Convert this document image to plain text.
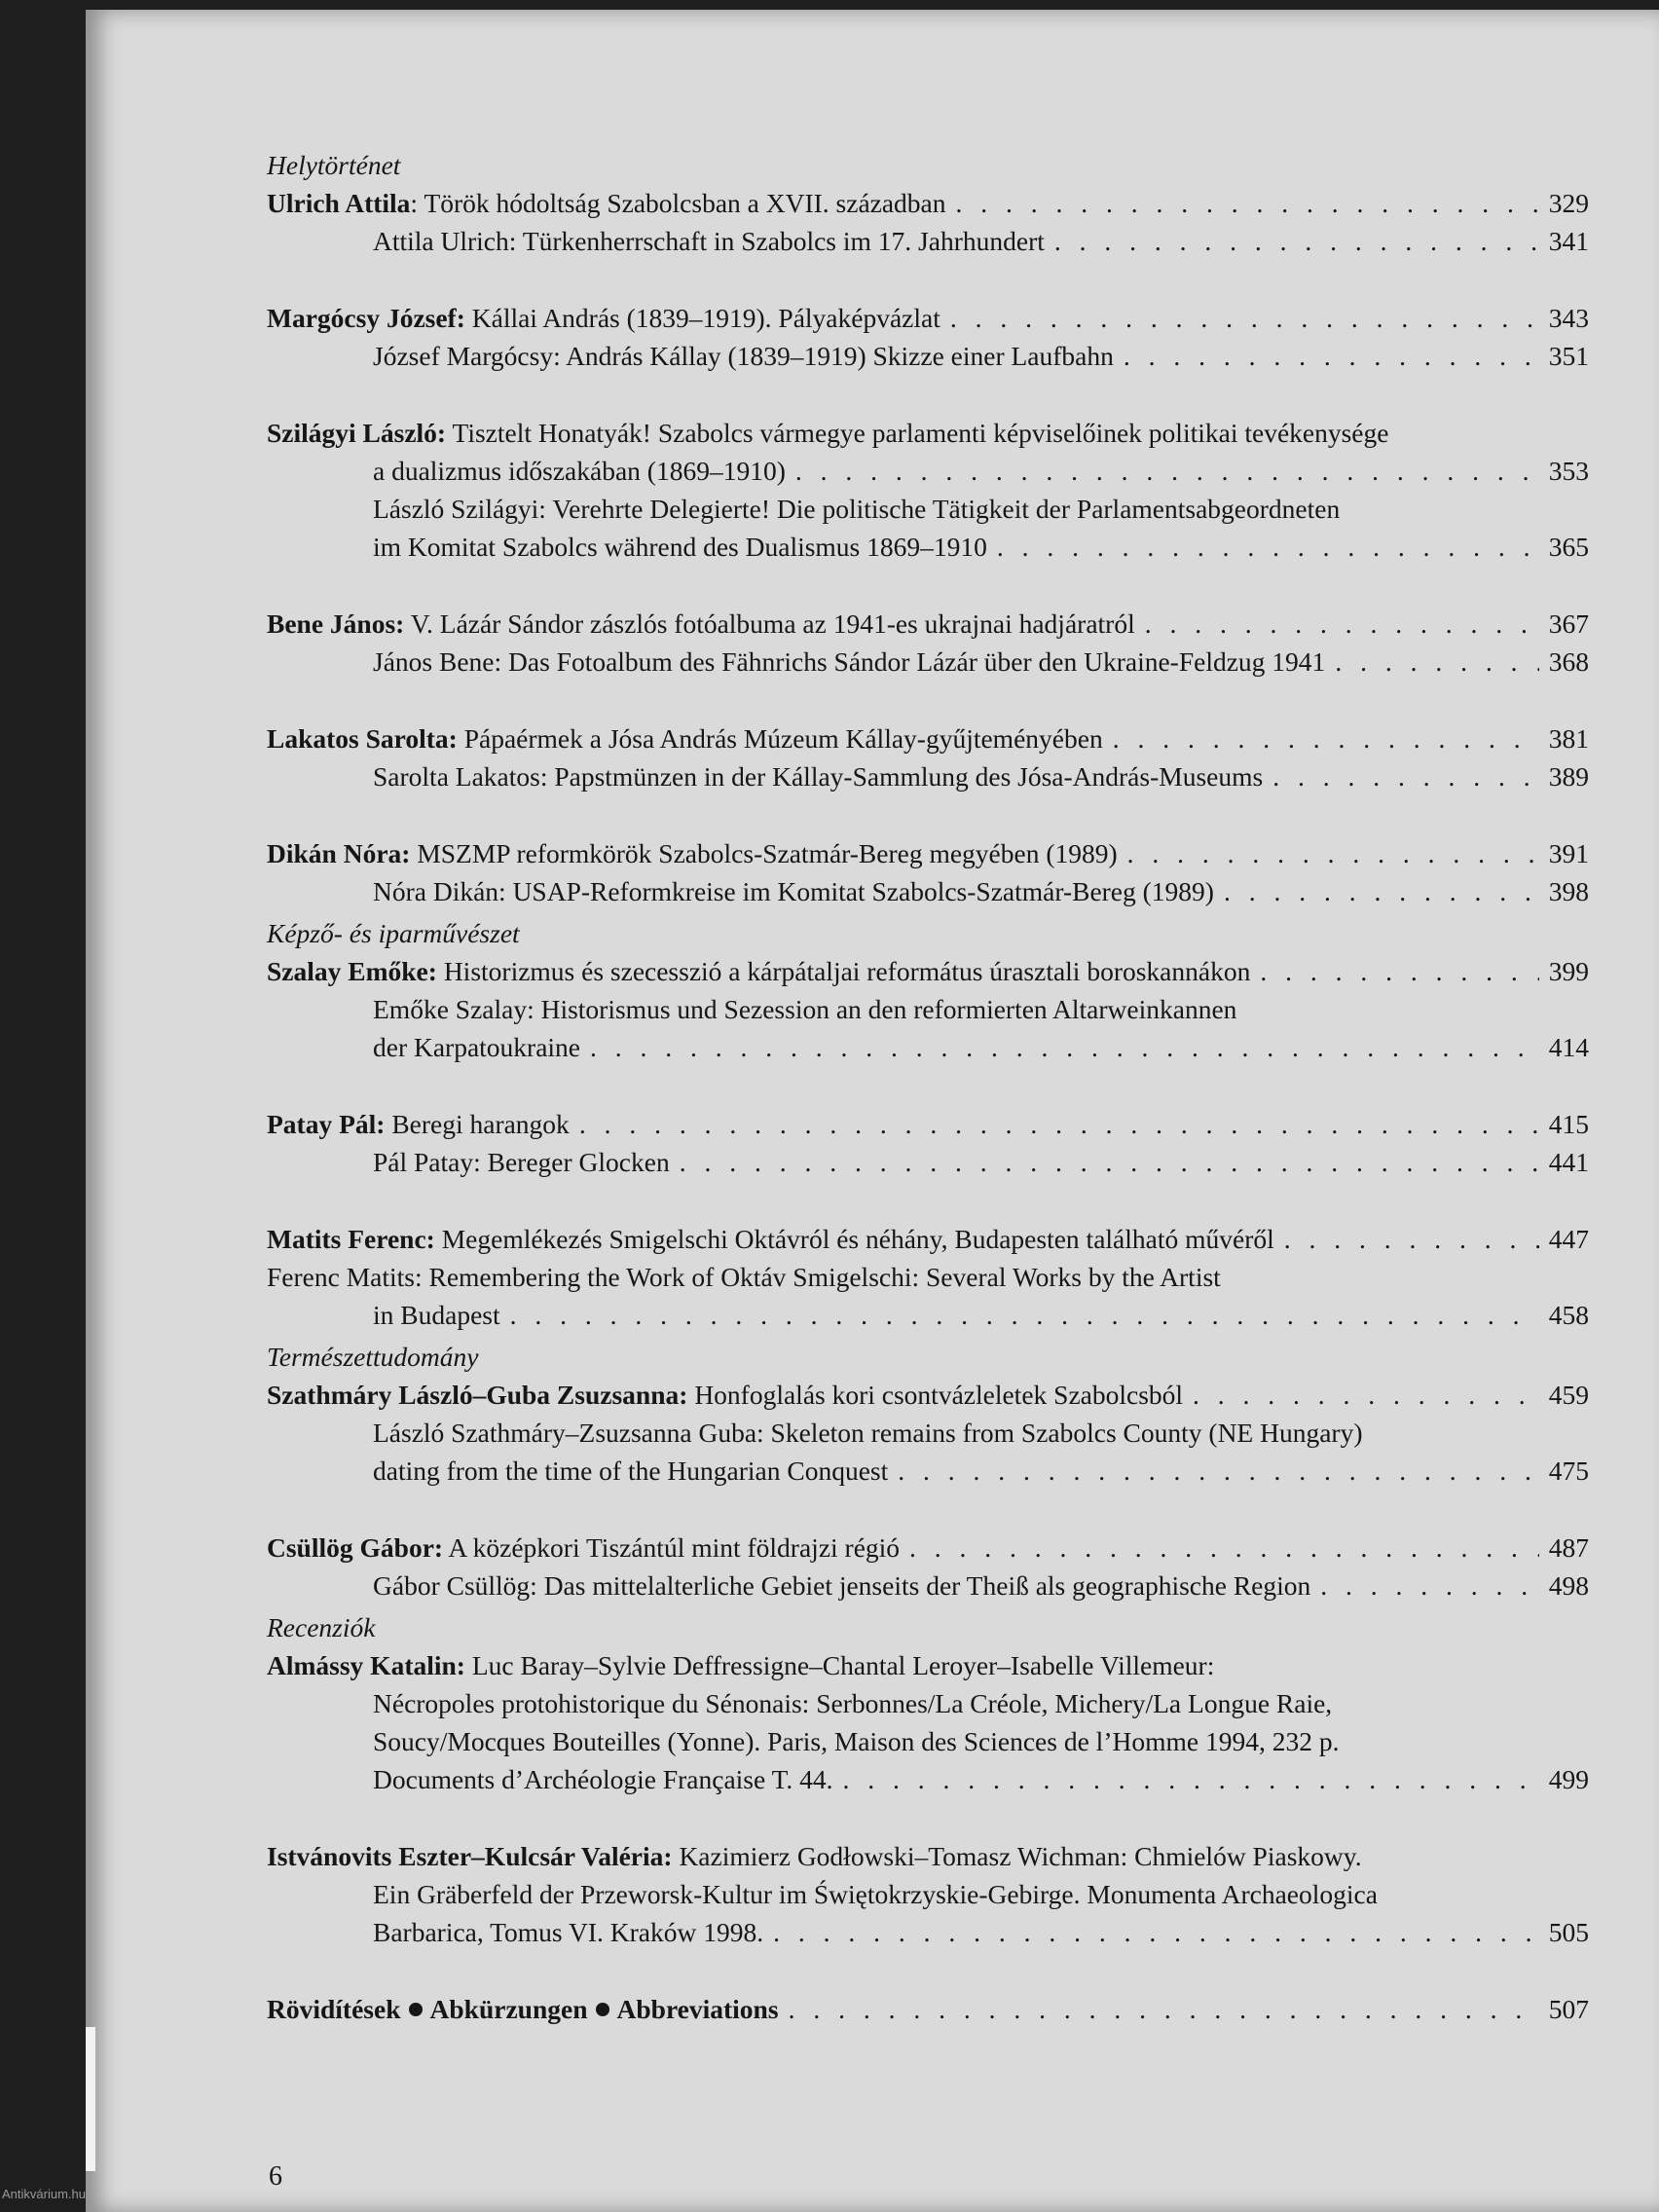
Helytörténet
Ulrich Attila: Török hódoltság Szabolcsban a XVII. században . . .	329
Attila Ulrich: Türkenherrschaft in Szabolcs im 17. Jahrhundert . . .	341
Margócsy József: Kállai András (1839–1919). Pályaképvázlat . . .	343
József Margócsy: András Kállay (1839–1919) Skizze einer Laufbahn . . .	351
Szilágyi László: Tisztelt Honatyák! Szabolcs vármegye parlamenti képviselőinek politikai tevékenysége
a dualizmus időszakában (1869–1910) . . .	353
László Szilágyi: Verehrte Delegierte! Die politische Tätigkeit der Parlamentsabgeordneten
im Komitat Szabolcs während des Dualismus 1869–1910 . . .	365
Bene János: V. Lázár Sándor zászlós fotóalbuma az 1941-es ukrajnai hadjáratról . . .	367
János Bene: Das Fotoalbum des Fähnrichs Sándor Lázár über den Ukraine-Feldzug 1941 . . .	368
Lakatos Sarolta: Pápaérmek a Jósa András Múzeum Kállay-gyűjteményében . . .	381
Sarolta Lakatos: Papstmünzen in der Kállay-Sammlung des Jósa-András-Museums . . .	389
Dikán Nóra: MSZMP reformkörök Szabolcs-Szatmár-Bereg megyében (1989) . . .	391
Nóra Dikán: USAP-Reformkreise im Komitat Szabolcs-Szatmár-Bereg (1989) . . .	398
Képző- és iparművészet
Szalay Emőke: Historizmus és szecesszió a kárpátaljai református úrasztali boroskannákon . . .	399
Emőke Szalay: Historismus und Sezession an den reformierten Altarweinkannen
der Karpatoukraine . . .	414
Patay Pál: Beregi harangok . . .	415
Pál Patay: Bereger Glocken . . .	441
Matits Ferenc: Megemlékezés Smigelschi Oktávról és néhány, Budapesten található művéről . . .	447
Ferenc Matits: Remembering the Work of Oktáv Smigelschi: Several Works by the Artist
in Budapest . . .	458
Természettudomány
Szathmáry László–Guba Zsuzsanna: Honfoglalás kori csontvázleletek Szabolcsból . . .	459
László Szathmáry–Zsuzsanna Guba: Skeleton remains from Szabolcs County (NE Hungary)
dating from the time of the Hungarian Conquest . . .	475
Csüllög Gábor: A középkori Tiszántúl mint földrajzi régió . . .	487
Gábor Csüllög: Das mittelalterliche Gebiet jenseits der Theiß als geographische Region . . .	498
Recenziók
Almássy Katalin: Luc Baray–Sylvie Deffressigne–Chantal Leroyer–Isabelle Villemeur:
Nécropoles protohistorique du Sénonais: Serbonnes/La Créole, Michery/La Longue Raie,
Soucy/Mocques Bouteilles (Yonne). Paris, Maison des Sciences de l’Homme 1994, 232 p.
Documents d’Archéologie Française T. 44. . . .	499
Istvánovits Eszter–Kulcsár Valéria: Kazimierz Godłowski–Tomasz Wichman: Chmielów Piaskowy.
Ein Gräberfeld der Przeworsk-Kultur im Świętokrzyskie-Gebirge. Monumenta Archaeologica
Barbarica, Tomus VI. Kraków 1998. . . .	505
Rövidítések Abkürzungen Abbreviations . . .	507
6
Antikvárium.hu
